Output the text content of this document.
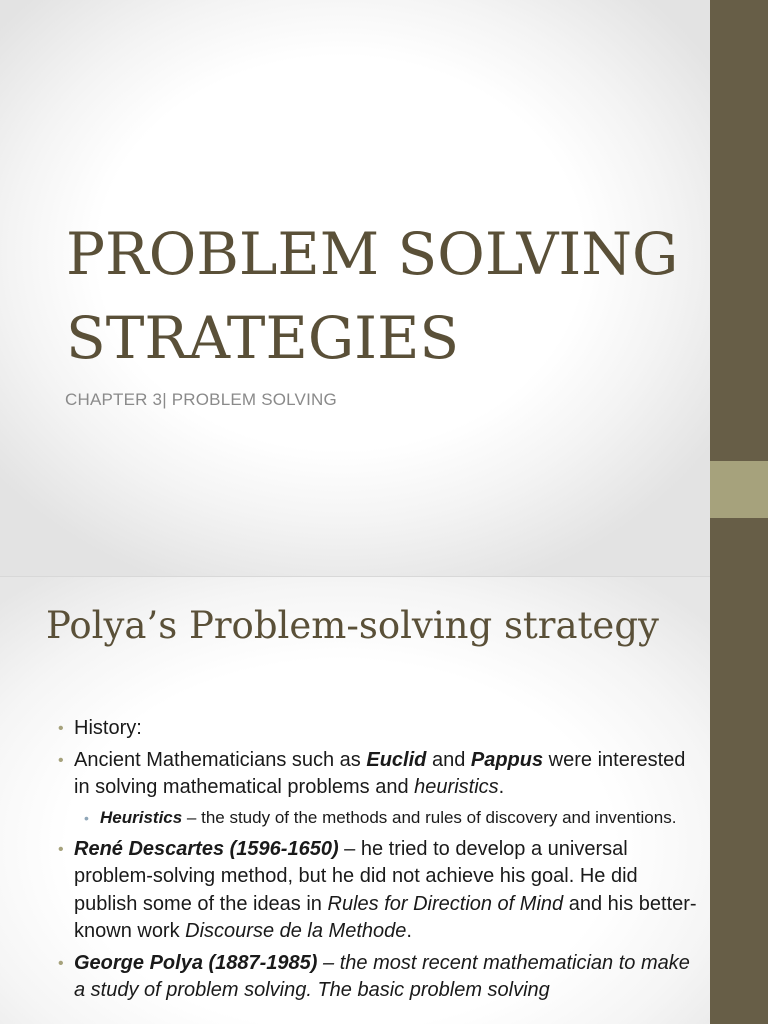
PROBLEM SOLVING
STRATEGIES
CHAPTER 3| PROBLEM SOLVING
Polya’s Problem-solving strategy
• History:
• Ancient Mathematicians such as Euclid and Pappus were interested in solving mathematical problems and heuristics.
• Heuristics – the study of the methods and rules of discovery and inventions.
• René Descartes (1596-1650) – he tried to develop a universal problem-solving method, but he did not achieve his goal. He did publish some of the ideas in Rules for Direction of Mind and his better-known work Discourse de la Methode.
• George Polya (1887-1985) – the most recent mathematician to make a study of problem solving. The basic problem solving
